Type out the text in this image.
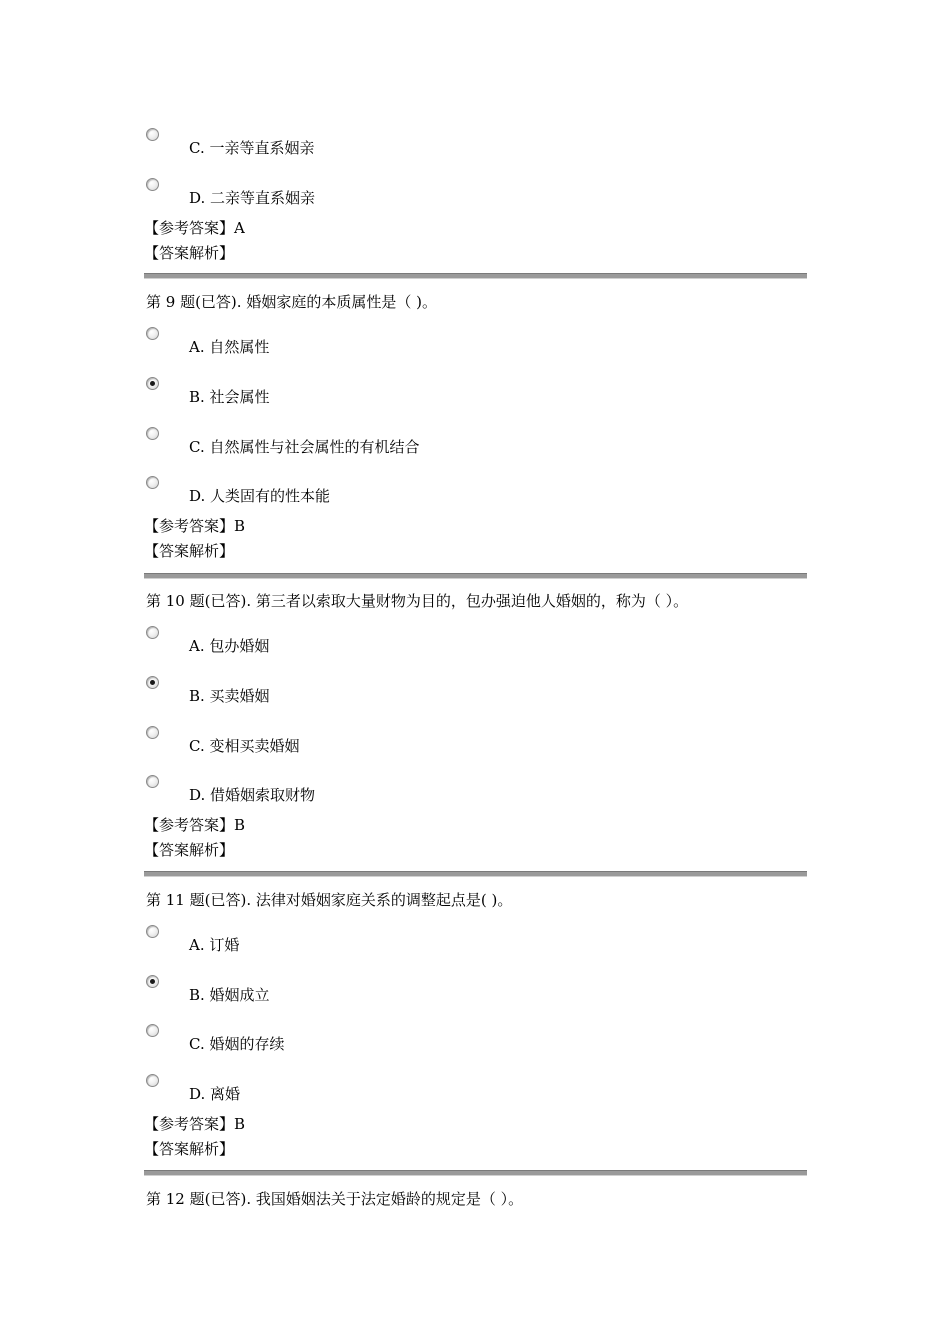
C. 一亲等直系姻亲
D. 二亲等直系姻亲
【参考答案】A
【答案解析】
第 9 题(已答). 婚姻家庭的本质属性是（ )。
A. 自然属性
B. 社会属性
C. 自然属性与社会属性的有机结合
D. 人类固有的性本能
【参考答案】B
【答案解析】
第 10 题(已答). 第三者以索取大量财物为目的，包办强迫他人婚姻的，称为（ ）。
A. 包办婚姻
B. 买卖婚姻
C. 变相买卖婚姻
D. 借婚姻索取财物
【参考答案】B
【答案解析】
第 11 题(已答). 法律对婚姻家庭关系的调整起点是( )。
A. 订婚
B. 婚姻成立
C. 婚姻的存续
D. 离婚
【参考答案】B
【答案解析】
第 12 题(已答). 我国婚姻法关于法定婚龄的规定是（ ）。
